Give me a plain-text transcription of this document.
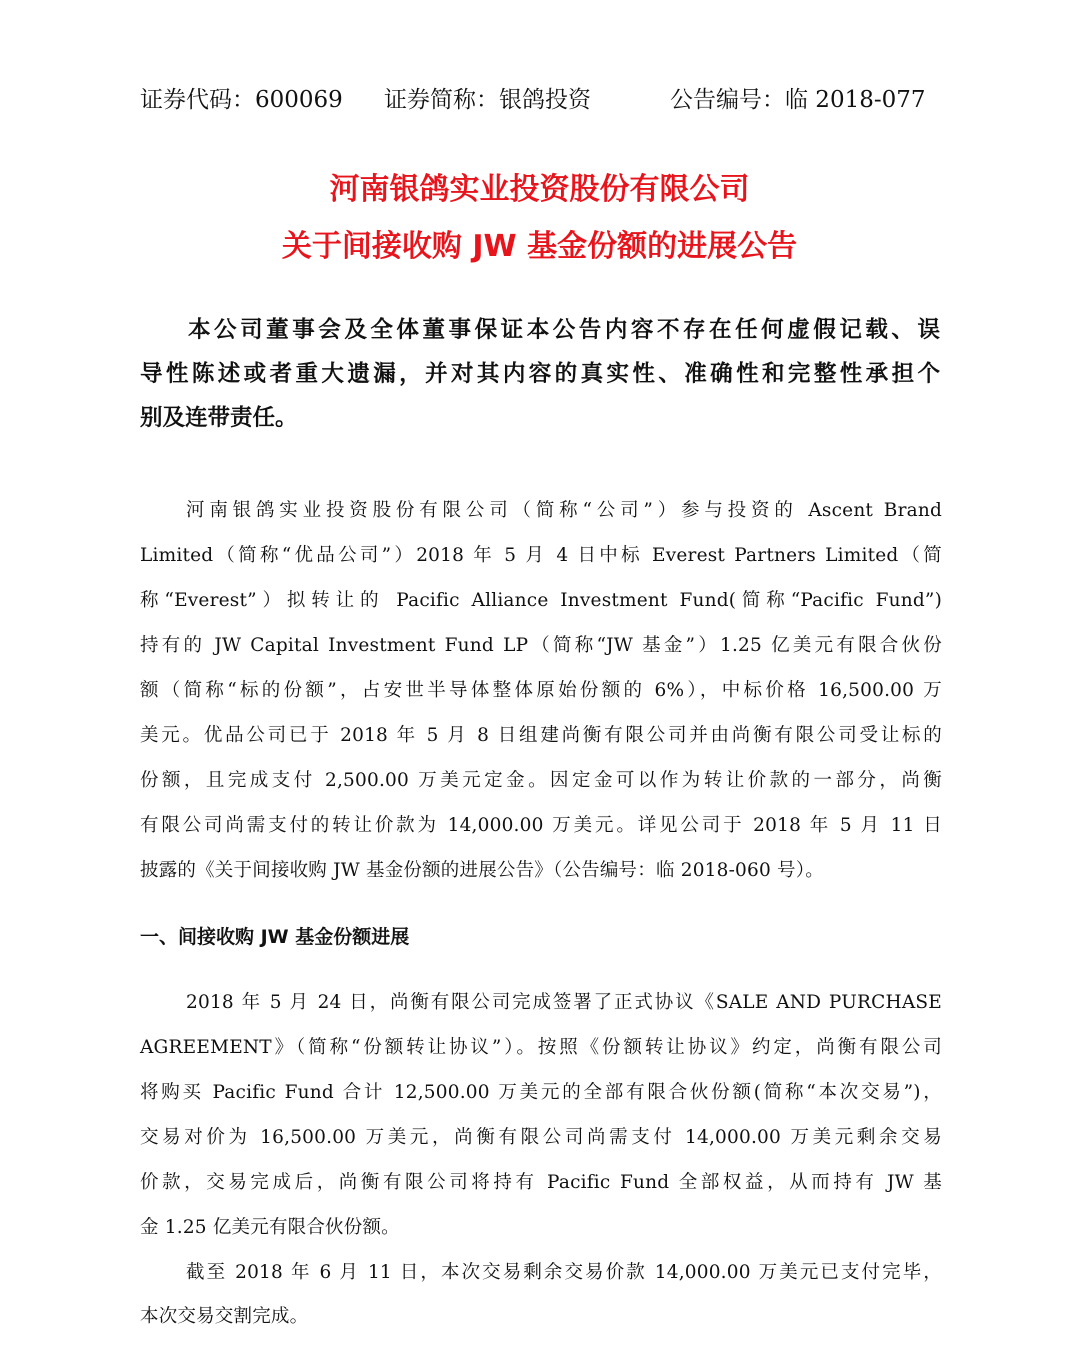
证券代码：600069 证券简称：银鸽投资	公告编号：临 2018-077
河南银鸽实业投资股份有限公司
关于间接收购 JW 基金份额的进展公告
本公司董事会及全体董事保证本公告内容不存在任何虚假记载、误
导性陈述或者重大遗漏，并对其内容的真实性、准确性和完整性承担个
别及连带责任。
河南银鸽实业投资股份有限公司（简称“公司”）参与投资的 Ascent Brand
Limited（简称“优品公司”）2018 年 5 月 4 日中标 Everest Partners Limited（简
称“Everest”）拟转让的 Pacific Alliance Investment Fund(简称“Pacific Fund”)
持有的 JW Capital Investment Fund LP（简称“JW 基金”）1.25 亿美元有限合伙份
额（简称“标的份额”，占安世半导体整体原始份额的 6%），中标价格 16,500.00 万
美元。优品公司已于 2018 年 5 月 8 日组建尚衡有限公司并由尚衡有限公司受让标的
份额，且完成支付 2,500.00 万美元定金。因定金可以作为转让价款的一部分，尚衡
有限公司尚需支付的转让价款为 14,000.00 万美元。详见公司于 2018 年 5 月 11 日
披露的《关于间接收购 JW 基金份额的进展公告》（公告编号：临 2018-060 号）。
一、间接收购 JW 基金份额进展
2018 年 5 月 24 日，尚衡有限公司完成签署了正式协议《SALE AND PURCHASE
AGREEMENT》（简称“份额转让协议”）。按照《份额转让协议》约定，尚衡有限公司
将购买 Pacific Fund 合计 12,500.00 万美元的全部有限合伙份额(简称“本次交易”)，
交易对价为 16,500.00 万美元，尚衡有限公司尚需支付 14,000.00 万美元剩余交易
价款，交易完成后，尚衡有限公司将持有 Pacific Fund 全部权益，从而持有 JW 基
金 1.25 亿美元有限合伙份额。
截至 2018 年 6 月 11 日，本次交易剩余交易价款 14,000.00 万美元已支付完毕，
本次交易交割完成。
